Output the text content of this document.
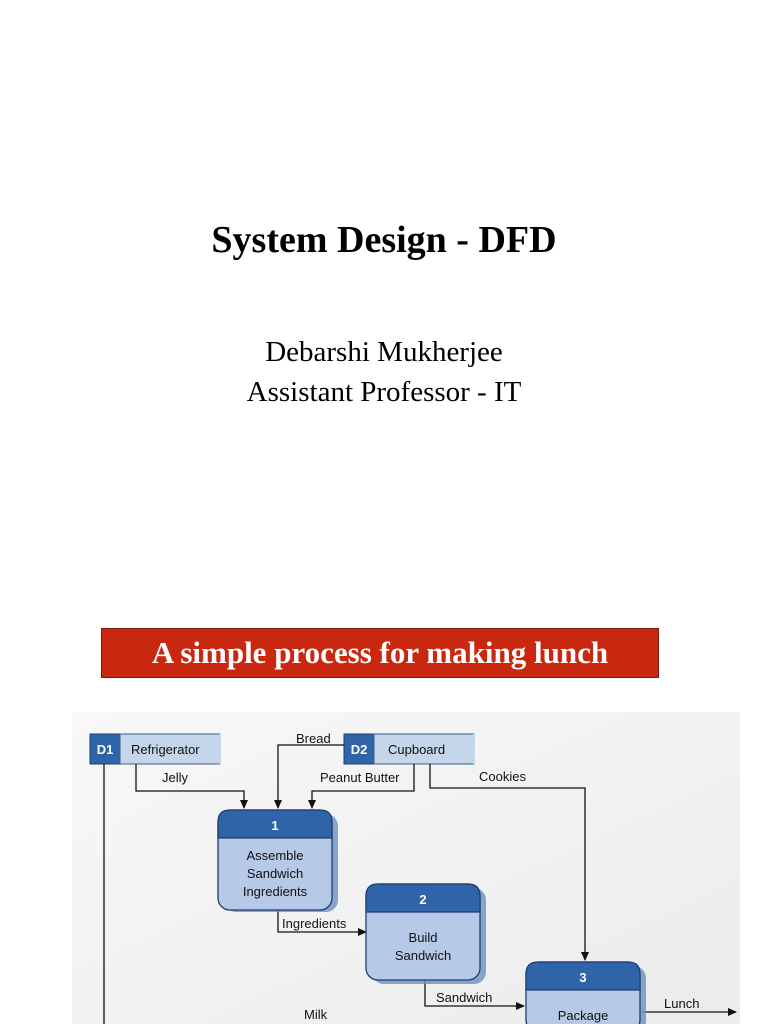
System Design - DFD
Debarshi Mukherjee
Assistant Professor - IT
A simple process for making lunch
D1 Refrigerator	D2 Cupboard
Bread
Jelly	Peanut Butter	Cookies
Ingredients
Sandwich
Milk
Lunch
1
Assemble
Sandwich
Ingredients
2
Build
Sandwich
3
Package
